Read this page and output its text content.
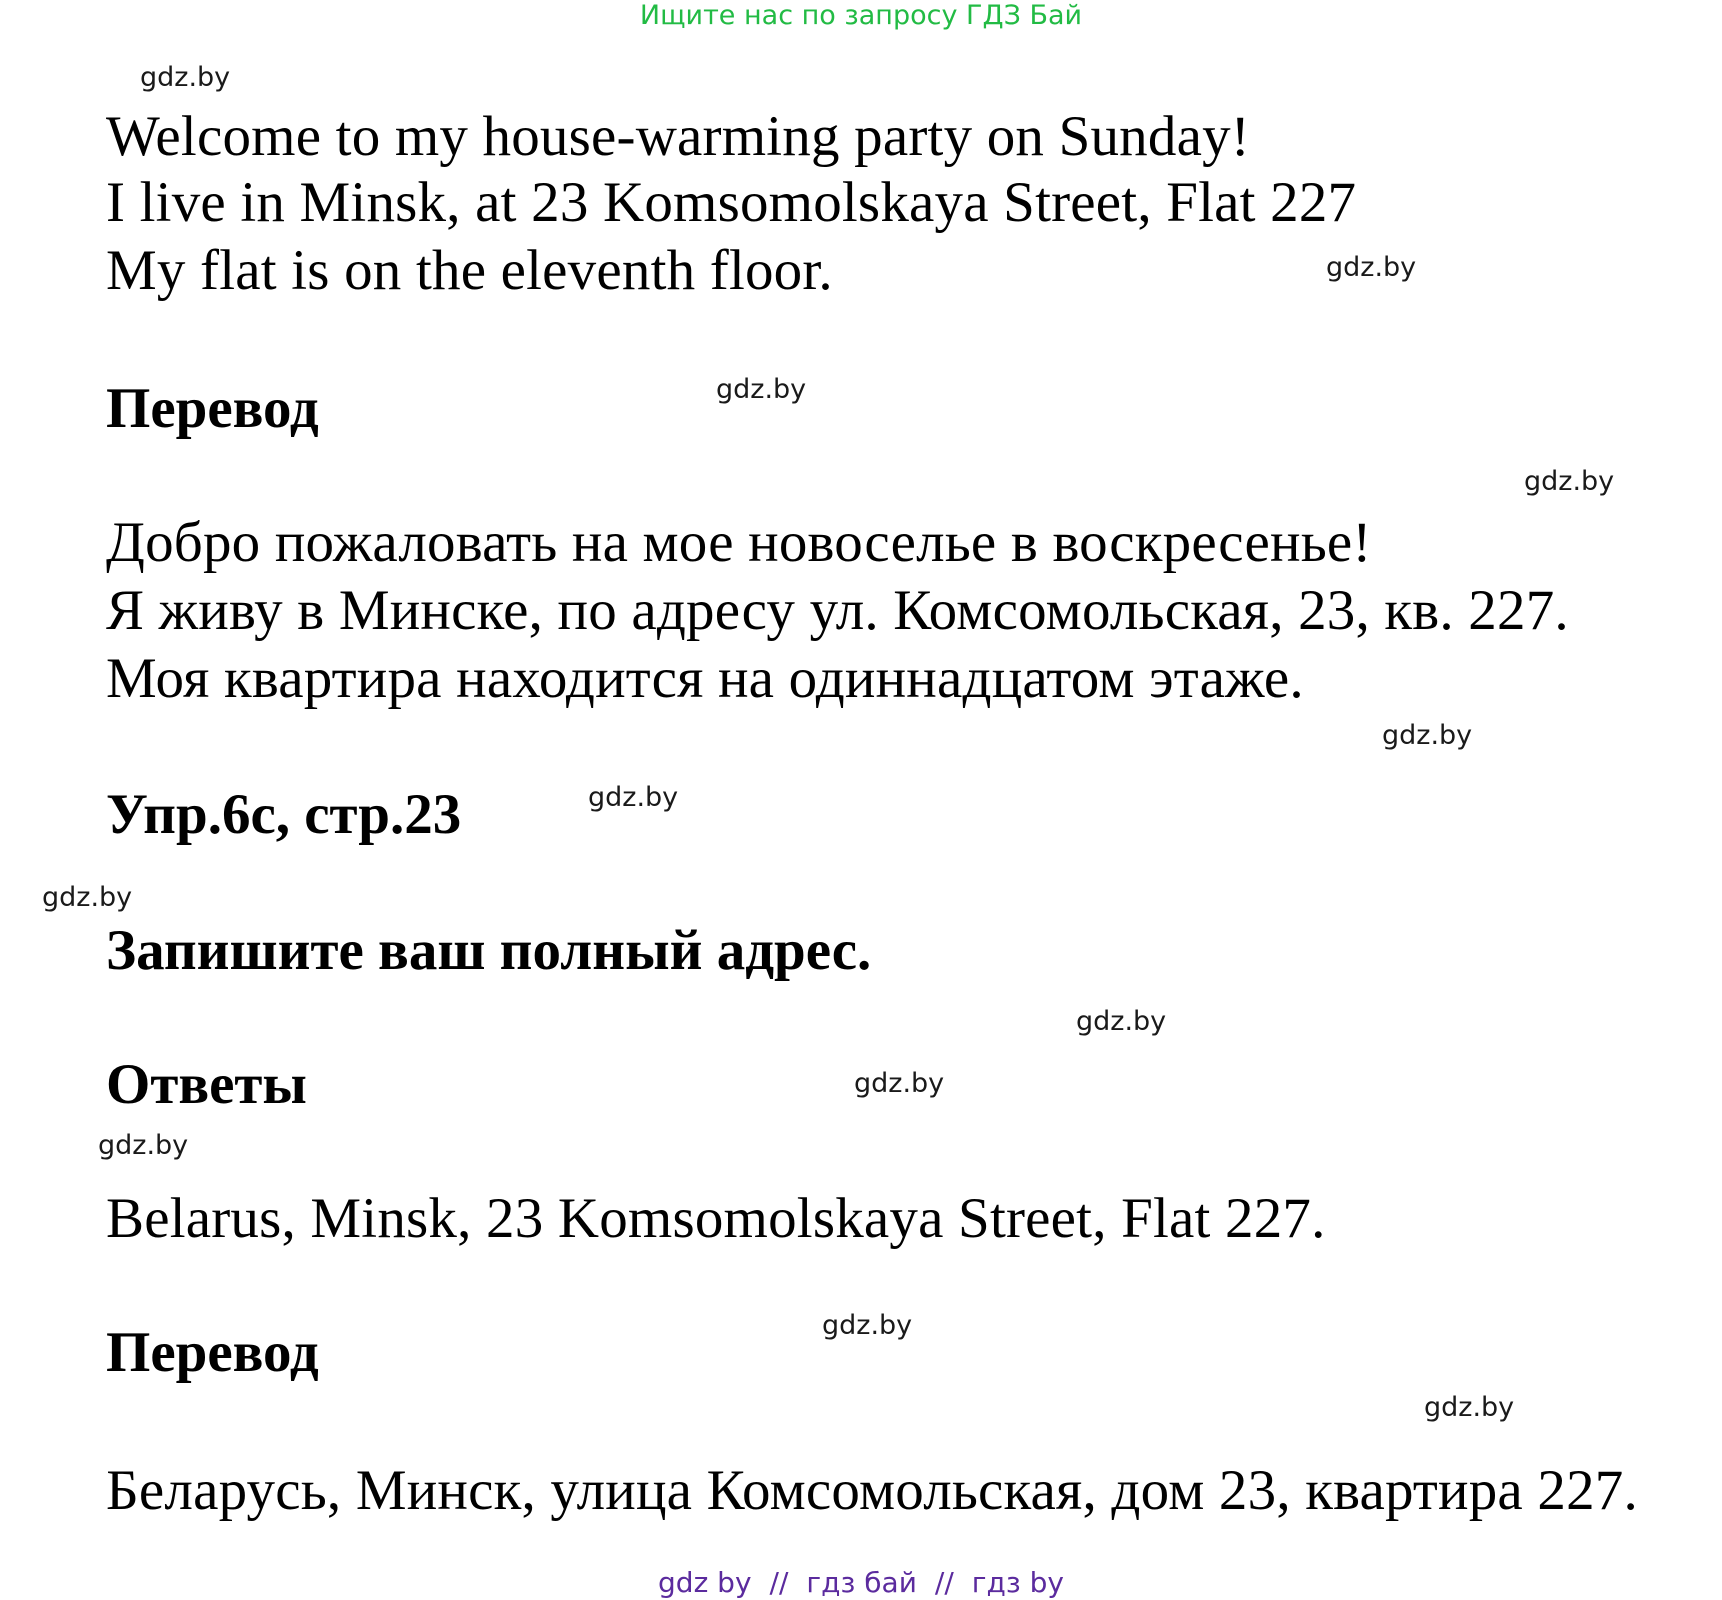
Ищите нас по запросу ГДЗ Бай
gdz.by
gdz.by
gdz.by
gdz.by
gdz.by
gdz.by
gdz.by
gdz.by
gdz.by
gdz.by
gdz.by
gdz.by
Welcome to my house-warming party on Sunday!
I live in Minsk, at 23 Komsomolskaya Street, Flat 227
My flat is on the eleventh floor.
Перевод
Добро пожаловать на мое новоселье в воскресенье!
Я живу в Минске, по адресу ул. Комсомольская, 23, кв. 227.
Моя квартира находится на одиннадцатом этаже.
Упр.6с, стр.23
Запишите ваш полный адрес.
Ответы
Belarus, Minsk, 23 Komsomolskaya Street, Flat 227.
Перевод
Беларусь, Минск, улица Комсомольская, дом 23, квартира 227.
gdz by // гдз бай // гдз by
